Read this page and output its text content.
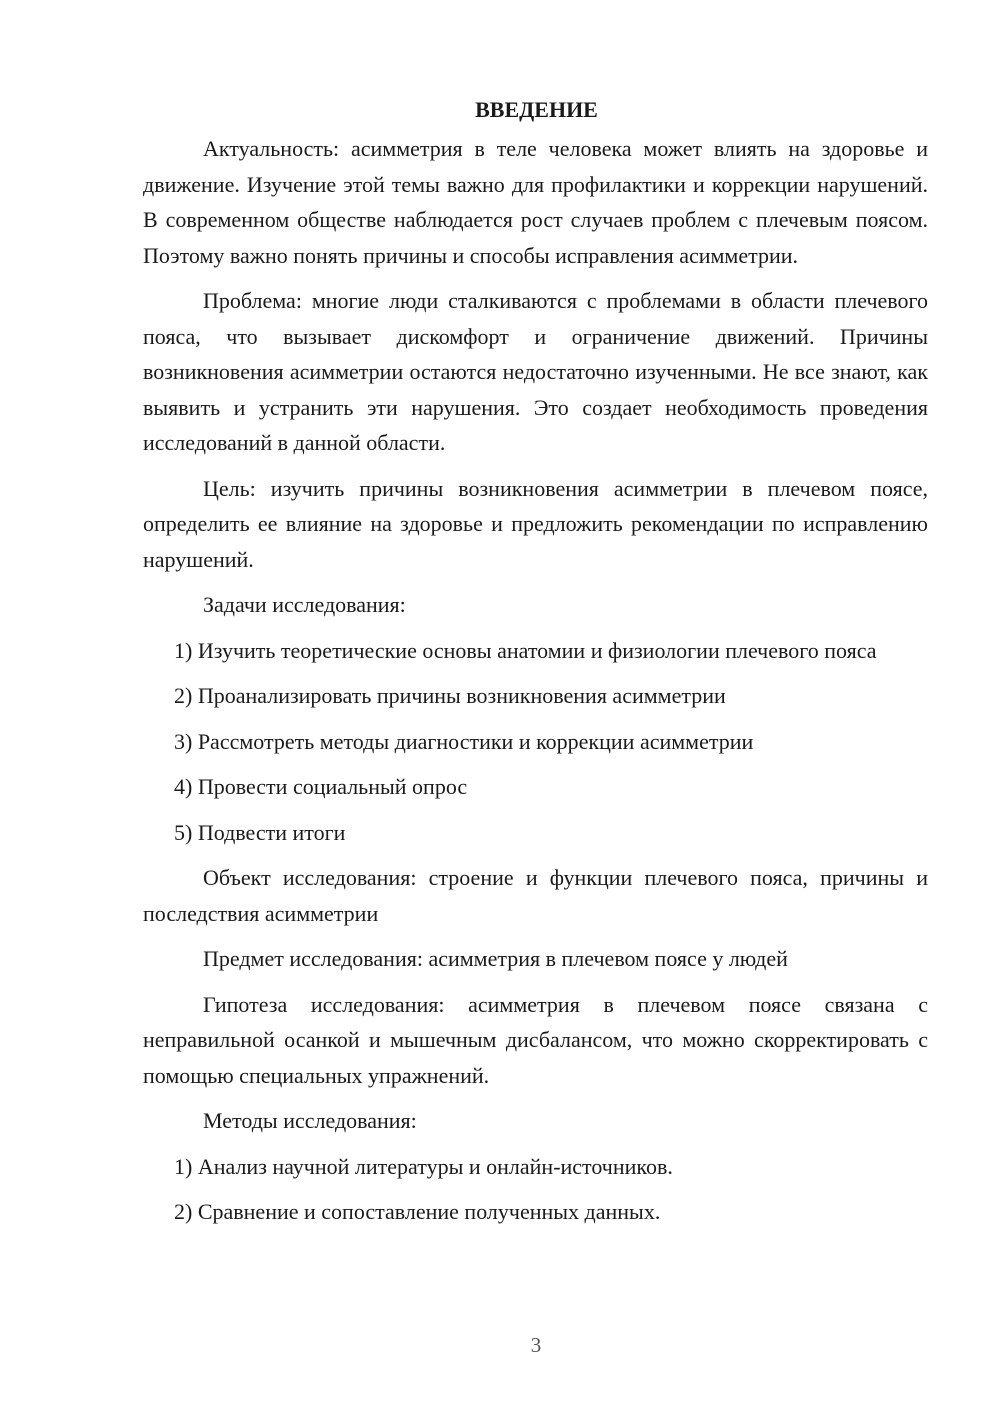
ВВЕДЕНИЕ

Актуальность: асимметрия в теле человека может влиять на здоровье и движение. Изучение этой темы важно для профилактики и коррекции нарушений. В современном обществе наблюдается рост случаев проблем с плечевым поясом. Поэтому важно понять причины и способы исправления асимметрии.

Проблема: многие люди сталкиваются с проблемами в области плечевого пояса, что вызывает дискомфорт и ограничение движений. Причины возникновения асимметрии остаются недостаточно изученными. Не все знают, как выявить и устранить эти нарушения. Это создает необходимость проведения исследований в данной области.

Цель: изучить причины возникновения асимметрии в плечевом поясе, определить ее влияние на здоровье и предложить рекомендации по исправлению нарушений.

Задачи исследования:

1) Изучить теоретические основы анатомии и физиологии плечевого пояса

2) Проанализировать причины возникновения асимметрии

3) Рассмотреть методы диагностики и коррекции асимметрии

4) Провести социальный опрос

5) Подвести итоги

Объект исследования: строение и функции плечевого пояса, причины и последствия асимметрии

Предмет исследования: асимметрия в плечевом поясе у людей

Гипотеза исследования: асимметрия в плечевом поясе связана с неправильной осанкой и мышечным дисбалансом, что можно скорректировать с помощью специальных упражнений.

Методы исследования:

1) Анализ научной литературы и онлайн-источников.

2) Сравнение и сопоставление полученных данных.

3
